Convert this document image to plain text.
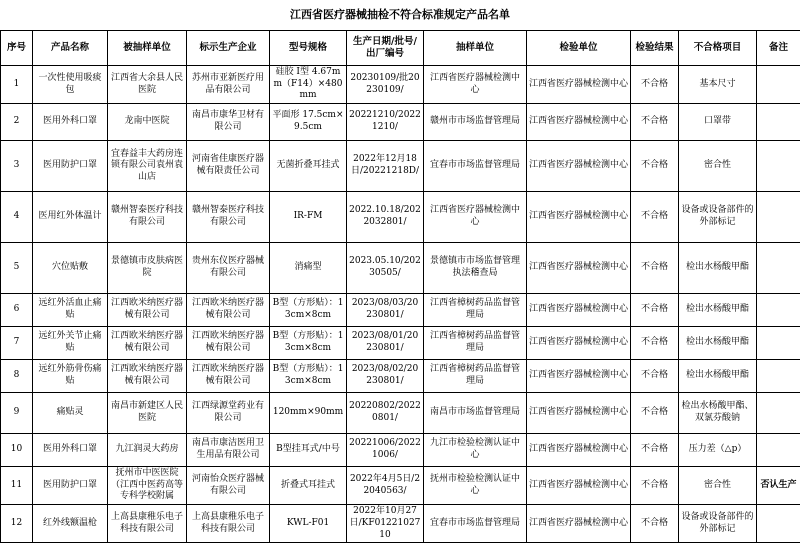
江西省医疗器械抽检不符合标准规定产品名单
序号	产品名称	被抽样单位	标示生产企业	型号规格	生产日期/批号/出厂编号	抽样单位	检验单位	检验结果	不合格项目	备注
1	一次性使用吸痰包	江西省大余县人民医院	苏州市亚新医疗用品有限公司	硅胶 Ⅰ型 4.67mm（F14）×480mm	20230109/批20230109/	江西省医疗器械检测中心	江西省医疗器械检测中心	不合格	基本尺寸	
2	医用外科口罩	龙南中医院	南昌市康华卫材有限公司	平面形 17.5cm×9.5cm	20221210/20221210/	赣州市市场监督管理局	江西省医疗器械检测中心	不合格	口罩带	
3	医用防护口罩	宜春益丰大药房连锁有限公司袁州袁山店	河南省佳康医疗器械有限责任公司	无菌折叠耳挂式	2022年12月18日/20221218D/	宜春市市场监督管理局	江西省医疗器械检测中心	不合格	密合性	
4	医用红外体温计	赣州智泰医疗科技有限公司	赣州智泰医疗科技有限公司	IR-FM	2022.10.18/2022032801/	江西省医疗器械检测中心	江西省医疗器械检测中心	不合格	设备或设备部件的外部标记	
5	穴位贴敷	景德镇市皮肤病医院	贵州东仪医疗器械有限公司	消痛型	2023.05.10/20230505/	景德镇市市场监督管理执法稽查局	江西省医疗器械检测中心	不合格	检出水杨酸甲酯	
6	远红外活血止痛贴	江西欧米纳医疗器械有限公司	江西欧米纳医疗器械有限公司	B型（方形贴）：13cm×8cm	2023/08/03/20230801/	江西省樟树药品监督管理局	江西省医疗器械检测中心	不合格	检出水杨酸甲酯	
7	远红外关节止痛贴	江西欧米纳医疗器械有限公司	江西欧米纳医疗器械有限公司	B型（方形贴）：13cm×8cm	2023/08/01/20230801/	江西省樟树药品监督管理局	江西省医疗器械检测中心	不合格	检出水杨酸甲酯	
8	远红外筋骨伤痛贴	江西欧米纳医疗器械有限公司	江西欧米纳医疗器械有限公司	B型（方形贴）：13cm×8cm	2023/08/02/20230801/	江西省樟树药品监督管理局	江西省医疗器械检测中心	不合格	检出水杨酸甲酯	
9	痛贴灵	南昌市新建区人民医院	江西绿源堂药业有限公司	120mm×90mm	20220802/20220801/	南昌市市场监督管理局	江西省医疗器械检测中心	不合格	检出水杨酸甲酯、双氯芬酸钠	
10	医用外科口罩	九江润灵大药房	南昌市康洁医用卫生用品有限公司	B型挂耳式/中号	20221006/20221006/	九江市检验检测认证中心	江西省医疗器械检测中心	不合格	压力差（△p）	
11	医用防护口罩	抚州市中医医院（江西中医药高等专科学校附属	河南怡众医疗器械有限公司	折叠式耳挂式	2022年4月5日/22040563/	抚州市检验检测认证中心	江西省医疗器械检测中心	不合格	密合性	否认生产
12	红外线额温枪	上高县康稚乐电子科技有限公司	上高县康稚乐电子科技有限公司	KWL-F01	2022年10月27日/KF0122102710	宜春市市场监督管理局	江西省医疗器械检测中心	不合格	设备或设备部件的外部标记	
